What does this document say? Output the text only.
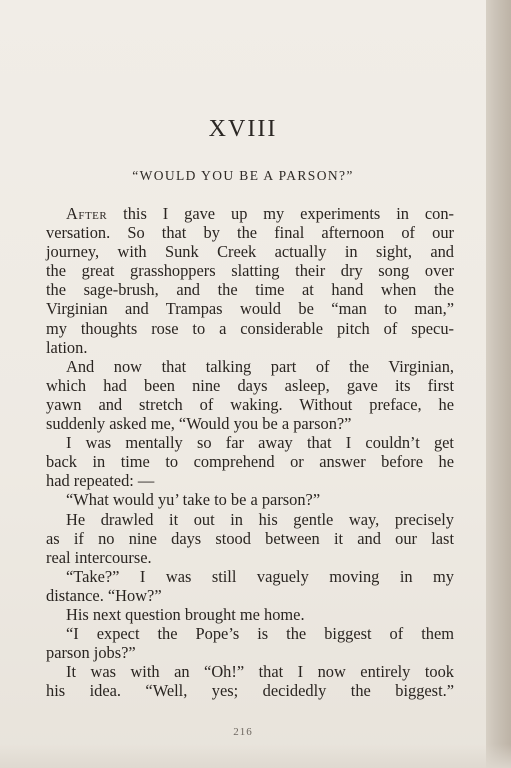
XVIII
“WOULD YOU BE A PARSON?”
After this I gave up my experiments in con-
versation. So that by the final afternoon of our
journey, with Sunk Creek actually in sight, and
the great grasshoppers slatting their dry song over
the sage-brush, and the time at hand when the
Virginian and Trampas would be “man to man,”
my thoughts rose to a considerable pitch of specu-
lation.
And now that talking part of the Virginian,
which had been nine days asleep, gave its first
yawn and stretch of waking. Without preface, he
suddenly asked me, “Would you be a parson?”
I was mentally so far away that I couldn’t get
back in time to comprehend or answer before he
had repeated: —
“What would yu’ take to be a parson?”
He drawled it out in his gentle way, precisely
as if no nine days stood between it and our last
real intercourse.
“Take?” I was still vaguely moving in my
distance. “How?”
His next question brought me home.
“I expect the Pope’s is the biggest of them
parson jobs?”
It was with an “Oh!” that I now entirely took
his idea. “Well, yes; decidedly the biggest.”
216
